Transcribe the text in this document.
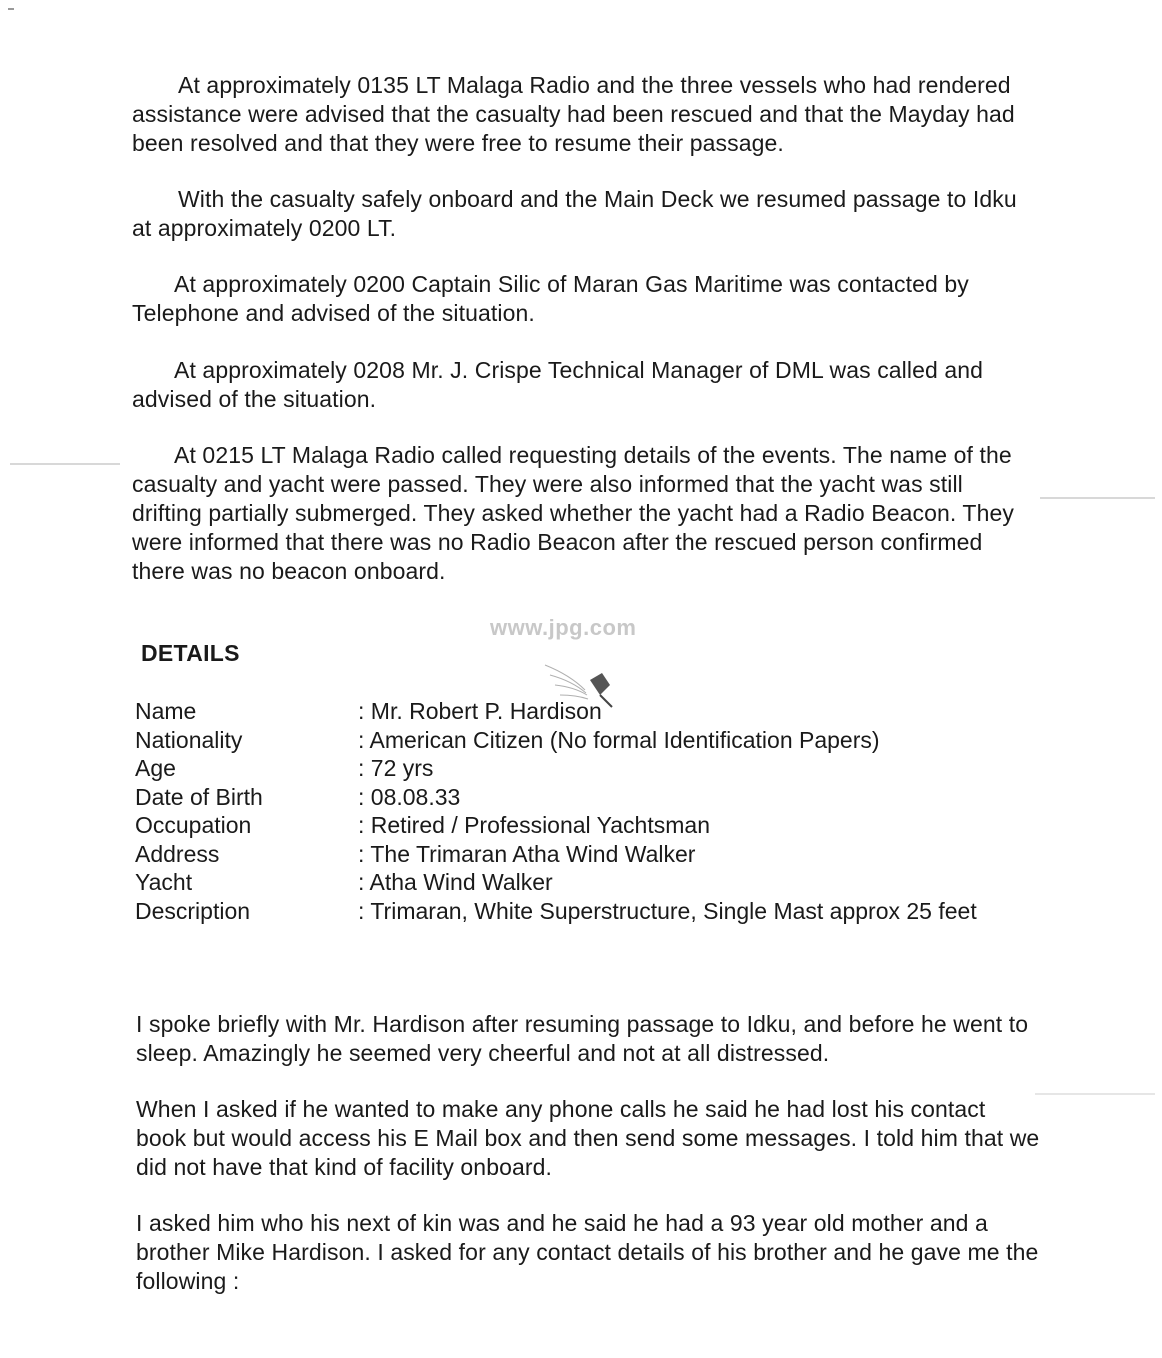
At approximately 0135 LT Malaga Radio and the three vessels who had rendered assistance were advised that the casualty had been rescued and that the Mayday had been resolved and that they were free to resume their passage.
With the casualty safely onboard and the Main Deck we resumed passage to Idku at approximately 0200 LT.
At approximately 0200 Captain Silic of Maran Gas Maritime was contacted by Telephone and advised of the situation.
At approximately 0208 Mr. J. Crispe Technical Manager of DML was called and advised of the situation.
At 0215 LT Malaga Radio called requesting details of the events. The name of the casualty and yacht were passed. They were also informed that the yacht was still drifting partially submerged. They asked whether the yacht had a Radio Beacon. They were informed that there was no Radio Beacon after the rescued person confirmed there was no beacon onboard.
www.jpg.com
DETAILS
Name	: Mr. Robert P. Hardison
Nationality	: American Citizen (No formal Identification Papers)
Age	: 72 yrs
Date of Birth	: 08.08.33
Occupation	: Retired / Professional Yachtsman
Address	: The Trimaran Atha Wind Walker
Yacht	: Atha Wind Walker
Description	: Trimaran, White Superstructure, Single Mast approx 25 feet
I spoke briefly with Mr. Hardison after resuming passage to Idku, and before he went to sleep. Amazingly he seemed very cheerful and not at all distressed.
When I asked if he wanted to make any phone calls he said he had lost his contact book but would access his E Mail box and then send some messages. I told him that we did not have that kind of facility onboard.
I asked him who his next of kin was and he said he had a 93 year old mother and a brother Mike Hardison. I asked for any contact details of his brother and he gave me the following :
